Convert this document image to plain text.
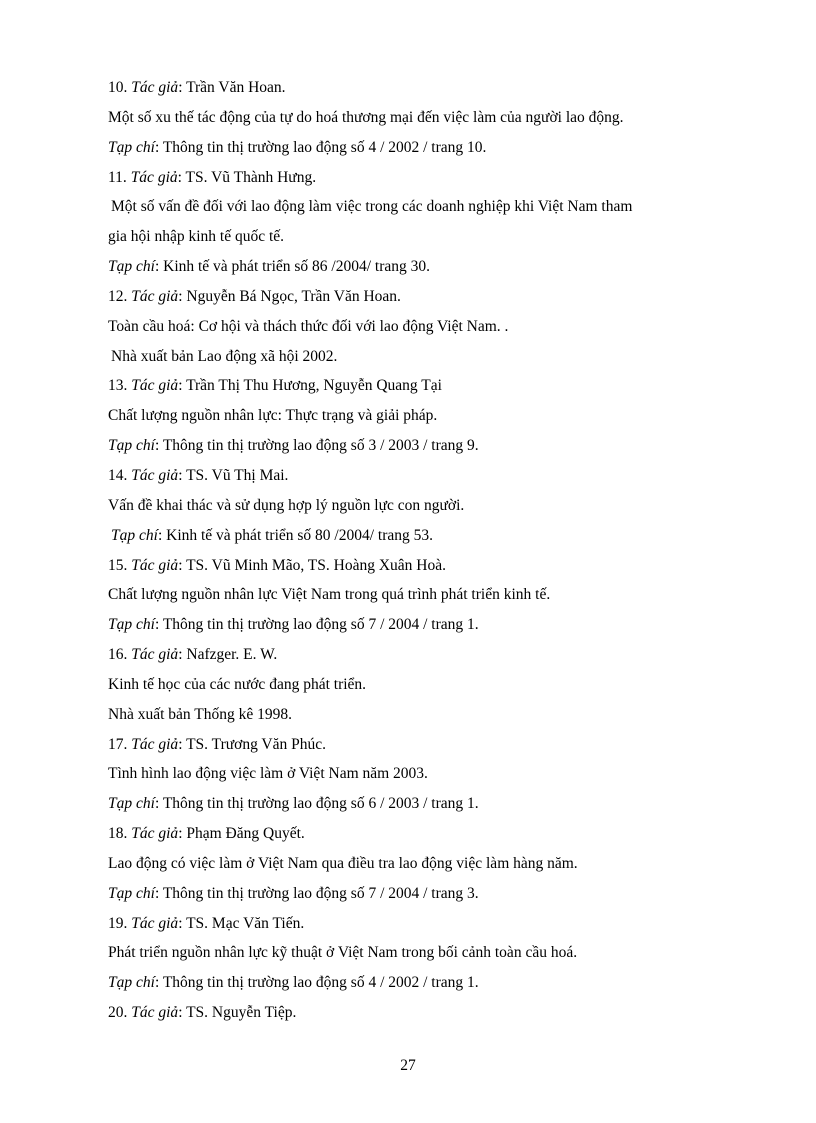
10. Tác giả: Trần Văn Hoan.
Một số xu thế tác động của tự do hoá thương mại đến việc làm của người lao động.
Tạp chí: Thông tin thị trường lao động số 4 / 2002 / trang 10.
11. Tác giả: TS. Vũ Thành Hưng.
Một số vấn đề đối với lao động làm việc trong các doanh nghiệp khi Việt Nam tham
gia hội nhập kinh tế quốc tế.
Tạp chí: Kinh tế và phát triển số 86 /2004/ trang 30.
12. Tác giả: Nguyễn Bá Ngọc, Trần Văn Hoan.
Toàn cầu hoá: Cơ hội và thách thức đối với lao động Việt Nam. .
Nhà xuất bản Lao động xã hội 2002.
13. Tác giả: Trần Thị Thu Hương, Nguyễn Quang Tại
Chất lượng nguồn nhân lực: Thực trạng và giải pháp.
Tạp chí: Thông tin thị trường lao động số 3 / 2003 / trang 9.
14. Tác giả: TS. Vũ Thị Mai.
Vấn đề khai thác và sử dụng hợp lý nguồn lực con người.
Tạp chí: Kinh tế và phát triển số 80 /2004/ trang 53.
15. Tác giả: TS. Vũ Minh Mão, TS. Hoàng Xuân Hoà.
Chất lượng nguồn nhân lực Việt Nam trong quá trình phát triển kinh tế.
Tạp chí: Thông tin thị trường lao động số 7 / 2004 / trang 1.
16. Tác giả: Nafzger. E. W.
Kinh tế học của các nước đang phát triển.
Nhà xuất bản Thống kê 1998.
17. Tác giả: TS. Trương Văn Phúc.
Tình hình lao động việc làm ở Việt Nam năm 2003.
Tạp chí: Thông tin thị trường lao động số 6 / 2003 / trang 1.
18. Tác giả: Phạm Đăng Quyết.
Lao động có việc làm ở Việt Nam qua điều tra lao động việc làm hàng năm.
Tạp chí: Thông tin thị trường lao động số 7 / 2004 / trang 3.
19. Tác giả: TS. Mạc Văn Tiến.
Phát triển nguồn nhân lực kỹ thuật ở Việt Nam trong bối cảnh toàn cầu hoá.
Tạp chí: Thông tin thị trường lao động số 4 / 2002 / trang 1.
20. Tác giả: TS. Nguyễn Tiệp.
27
